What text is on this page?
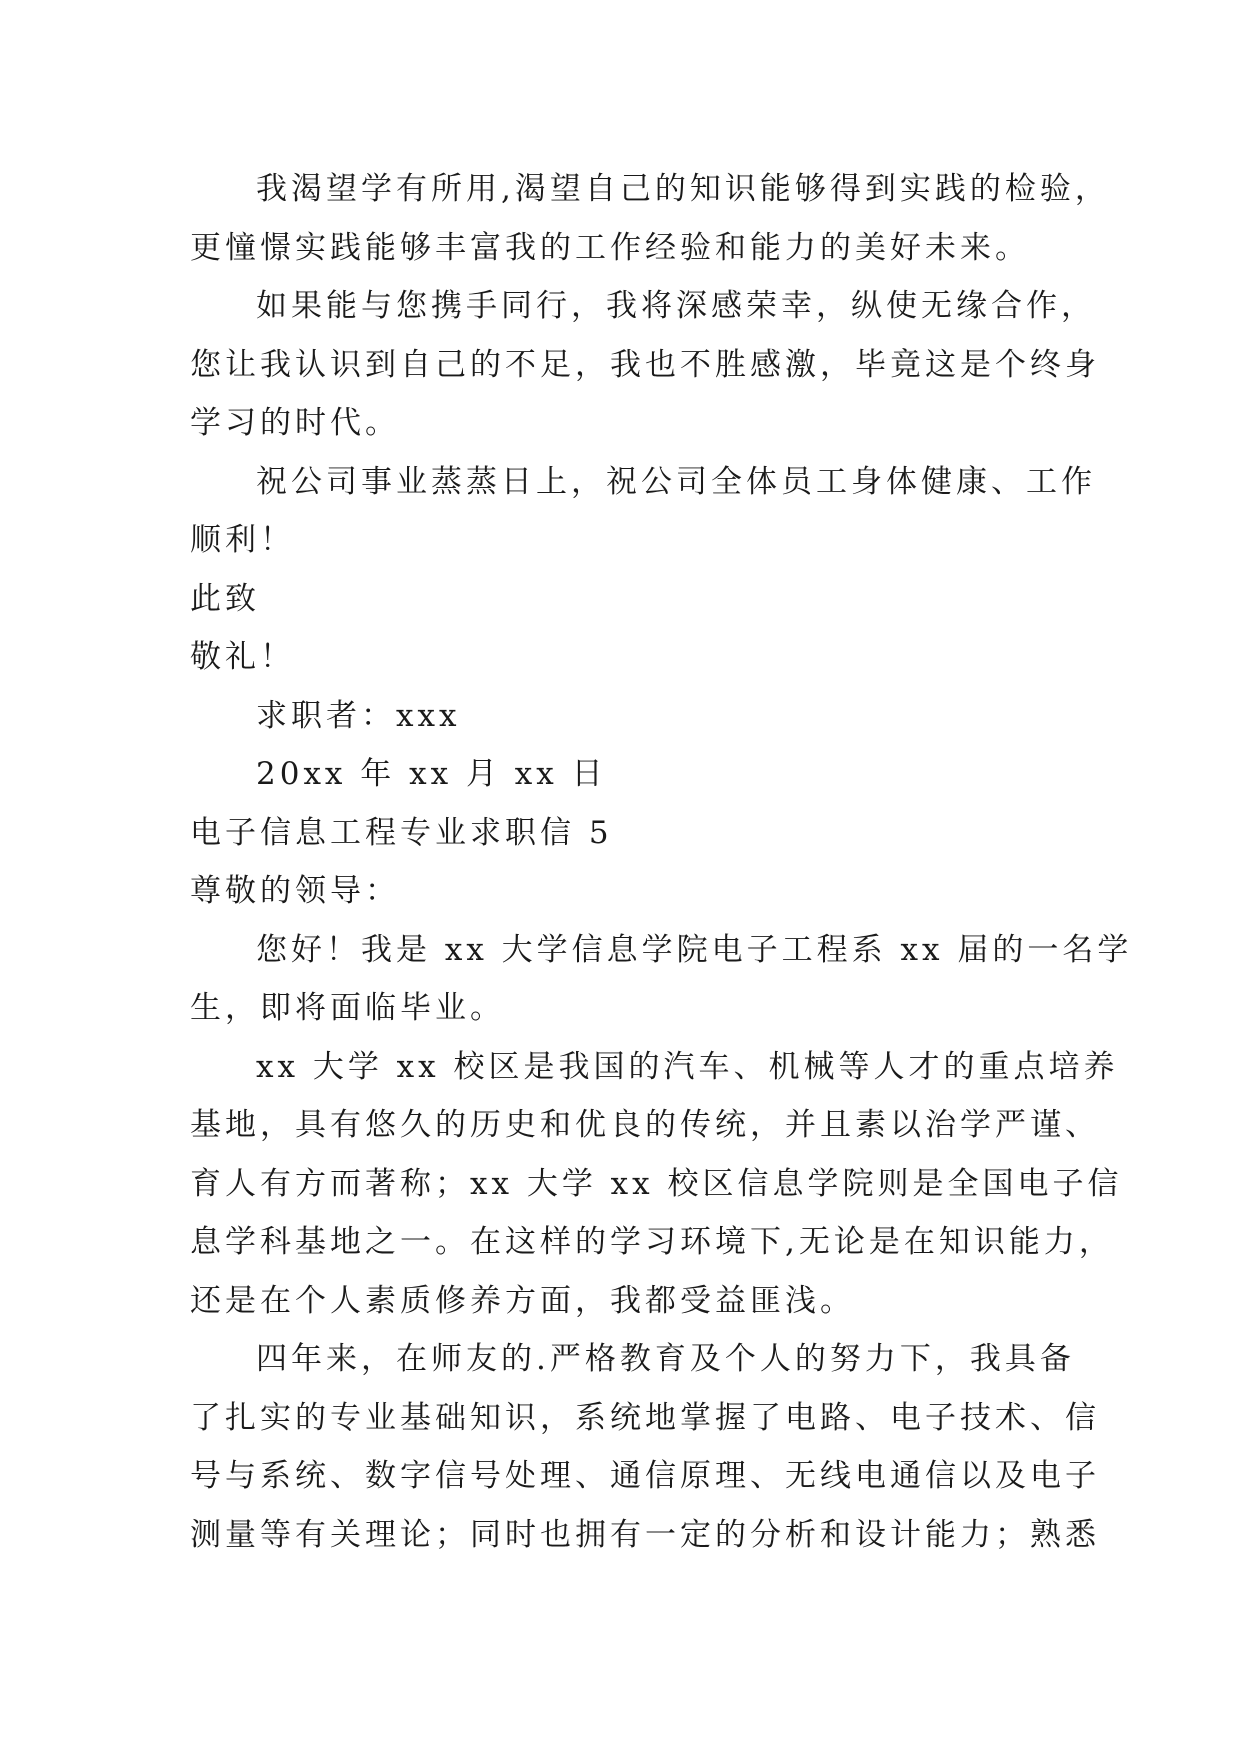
我渴望学有所用,渴望自己的知识能够得到实践的检验，
更憧憬实践能够丰富我的工作经验和能力的美好未来。
如果能与您携手同行，我将深感荣幸，纵使无缘合作，
您让我认识到自己的不足，我也不胜感激，毕竟这是个终身
学习的时代。
祝公司事业蒸蒸日上，祝公司全体员工身体健康、工作
顺利！
此致
敬礼！
求职者：xxx
20xx 年 xx 月 xx 日
电子信息工程专业求职信 5
尊敬的领导：
您好！我是 xx 大学信息学院电子工程系 xx 届的一名学
生，即将面临毕业。
xx 大学 xx 校区是我国的汽车、机械等人才的重点培养
基地，具有悠久的历史和优良的传统，并且素以治学严谨、
育人有方而著称；xx 大学 xx 校区信息学院则是全国电子信
息学科基地之一。在这样的学习环境下,无论是在知识能力，
还是在个人素质修养方面，我都受益匪浅。
四年来，在师友的.严格教育及个人的努力下，我具备
了扎实的专业基础知识，系统地掌握了电路、电子技术、信
号与系统、数字信号处理、通信原理、无线电通信以及电子
测量等有关理论；同时也拥有一定的分析和设计能力；熟悉
